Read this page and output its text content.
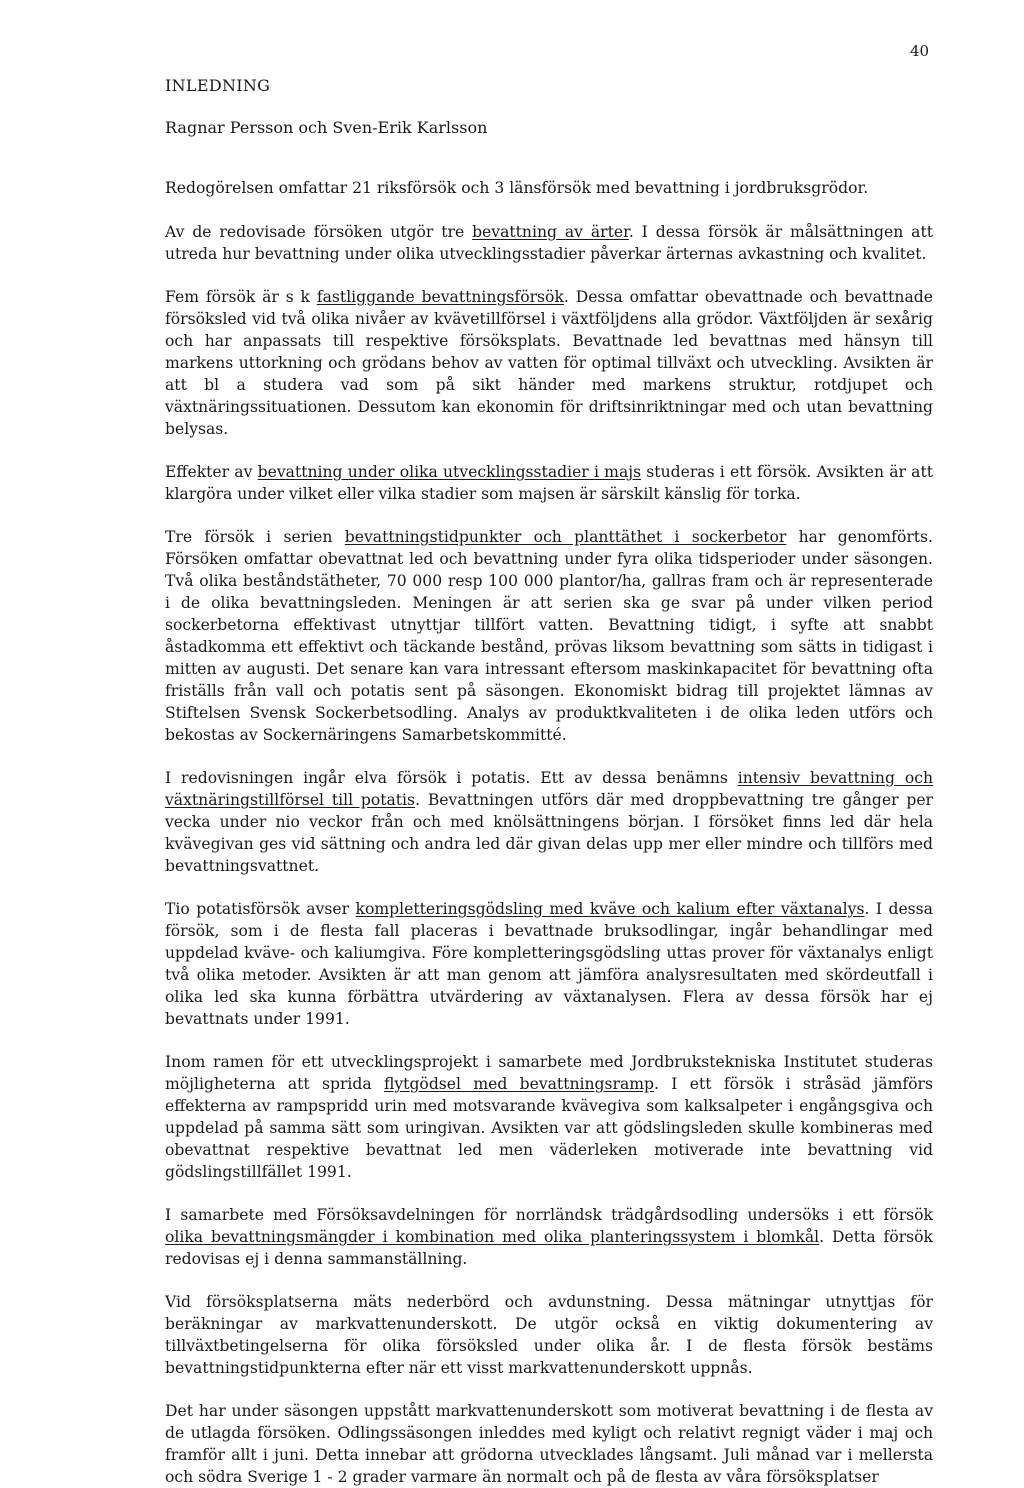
40
INLEDNING
Ragnar Persson och Sven-Erik Karlsson

Redogörelsen omfattar 21 riksförsök och 3 länsförsök med bevattning i jordbruksgrödor.

Av de redovisade försöken utgör tre bevattning av ärter. I dessa försök är målsättningen att utreda hur bevattning under olika utvecklingsstadier påverkar ärternas avkastning och kvalitet.

Fem försök är s k fastliggande bevattningsförsök. Dessa omfattar obevattnade och bevattnade försöksled vid två olika nivåer av kvävetillförsel i växtföljdens alla grödor. Växtföljden är sexårig och har anpassats till respektive försöksplats. Bevattnade led bevattnas med hänsyn till markens uttorkning och grödans behov av vatten för optimal tillväxt och utveckling. Avsikten är att bl a studera vad som på sikt händer med markens struktur, rotdjupet och växtnäringssituationen. Dessutom kan ekonomin för driftsinriktningar med och utan bevattning belysas.

Effekter av bevattning under olika utvecklingsstadier i majs studeras i ett försök. Avsikten är att klargöra under vilket eller vilka stadier som majsen är särskilt känslig för torka.

Tre försök i serien bevattningstidpunkter och planttäthet i sockerbetor har genomförts. Försöken omfattar obevattnat led och bevattning under fyra olika tidsperioder under säsongen. Två olika beståndstätheter, 70 000 resp 100 000 plantor/ha, gallras fram och är representerade i de olika bevattningsleden. Meningen är att serien ska ge svar på under vilken period sockerbetorna effektivast utnyttjar tillfört vatten. Bevattning tidigt, i syfte att snabbt åstadkomma ett effektivt och täckande bestånd, prövas liksom bevattning som sätts in tidigast i mitten av augusti. Det senare kan vara intressant eftersom maskinkapacitet för bevattning ofta friställs från vall och potatis sent på säsongen. Ekonomiskt bidrag till projektet lämnas av Stiftelsen Svensk Sockerbetsodling. Analys av produktkvaliteten i de olika leden utförs och bekostas av Sockernäringens Samarbetskommitté.

I redovisningen ingår elva försök i potatis. Ett av dessa benämns intensiv bevattning och växtnäringstillförsel till potatis. Bevattningen utförs där med droppbevattning tre gånger per vecka under nio veckor från och med knölsättningens början. I försöket finns led där hela kvävegivan ges vid sättning och andra led där givan delas upp mer eller mindre och tillförs med bevattningsvattnet.

Tio potatisförsök avser kompletteringsgödsling med kväve och kalium efter växtanalys. I dessa försök, som i de flesta fall placeras i bevattnade bruksodlingar, ingår behandlingar med uppdelad kväve- och kaliumgiva. Före kompletteringsgödsling uttas prover för växtanalys enligt två olika metoder. Avsikten är att man genom att jämföra analysresultaten med skördeutfall i olika led ska kunna förbättra utvärdering av växtanalysen. Flera av dessa försök har ej bevattnats under 1991.

Inom ramen för ett utvecklingsprojekt i samarbete med Jordbrukstekniska Institutet studeras möjligheterna att sprida flytgödsel med bevattningsramp. I ett försök i stråsäd jämförs effekterna av rampspridd urin med motsvarande kvävegiva som kalksalpeter i engångsgiva och uppdelad på samma sätt som uringivan. Avsikten var att gödslingsleden skulle kombineras med obevattnat respektive bevattnat led men väderleken motiverade inte bevattning vid gödslingstillfället 1991.

I samarbete med Försöksavdelningen för norrländsk trädgårdsodling undersöks i ett försök olika bevattningsmängder i kombination med olika planteringssystem i blomkål. Detta försök redovisas ej i denna sammanställning.

Vid försöksplatserna mäts nederbörd och avdunstning. Dessa mätningar utnyttjas för beräkningar av markvattenunderskott. De utgör också en viktig dokumentering av tillväxtbetingelserna för olika försöksled under olika år. I de flesta försök bestäms bevattningstidpunkterna efter när ett visst markvattenunderskott uppnås.

Det har under säsongen uppstått markvattenunderskott som motiverat bevattning i de flesta av de utlagda försöken. Odlingssäsongen inleddes med kyligt och relativt regnigt väder i maj och framför allt i juni. Detta innebar att grödorna utvecklades långsamt. Juli månad var i mellersta och södra Sverige 1 - 2 grader varmare än normalt och på de flesta av våra försöksplatser
